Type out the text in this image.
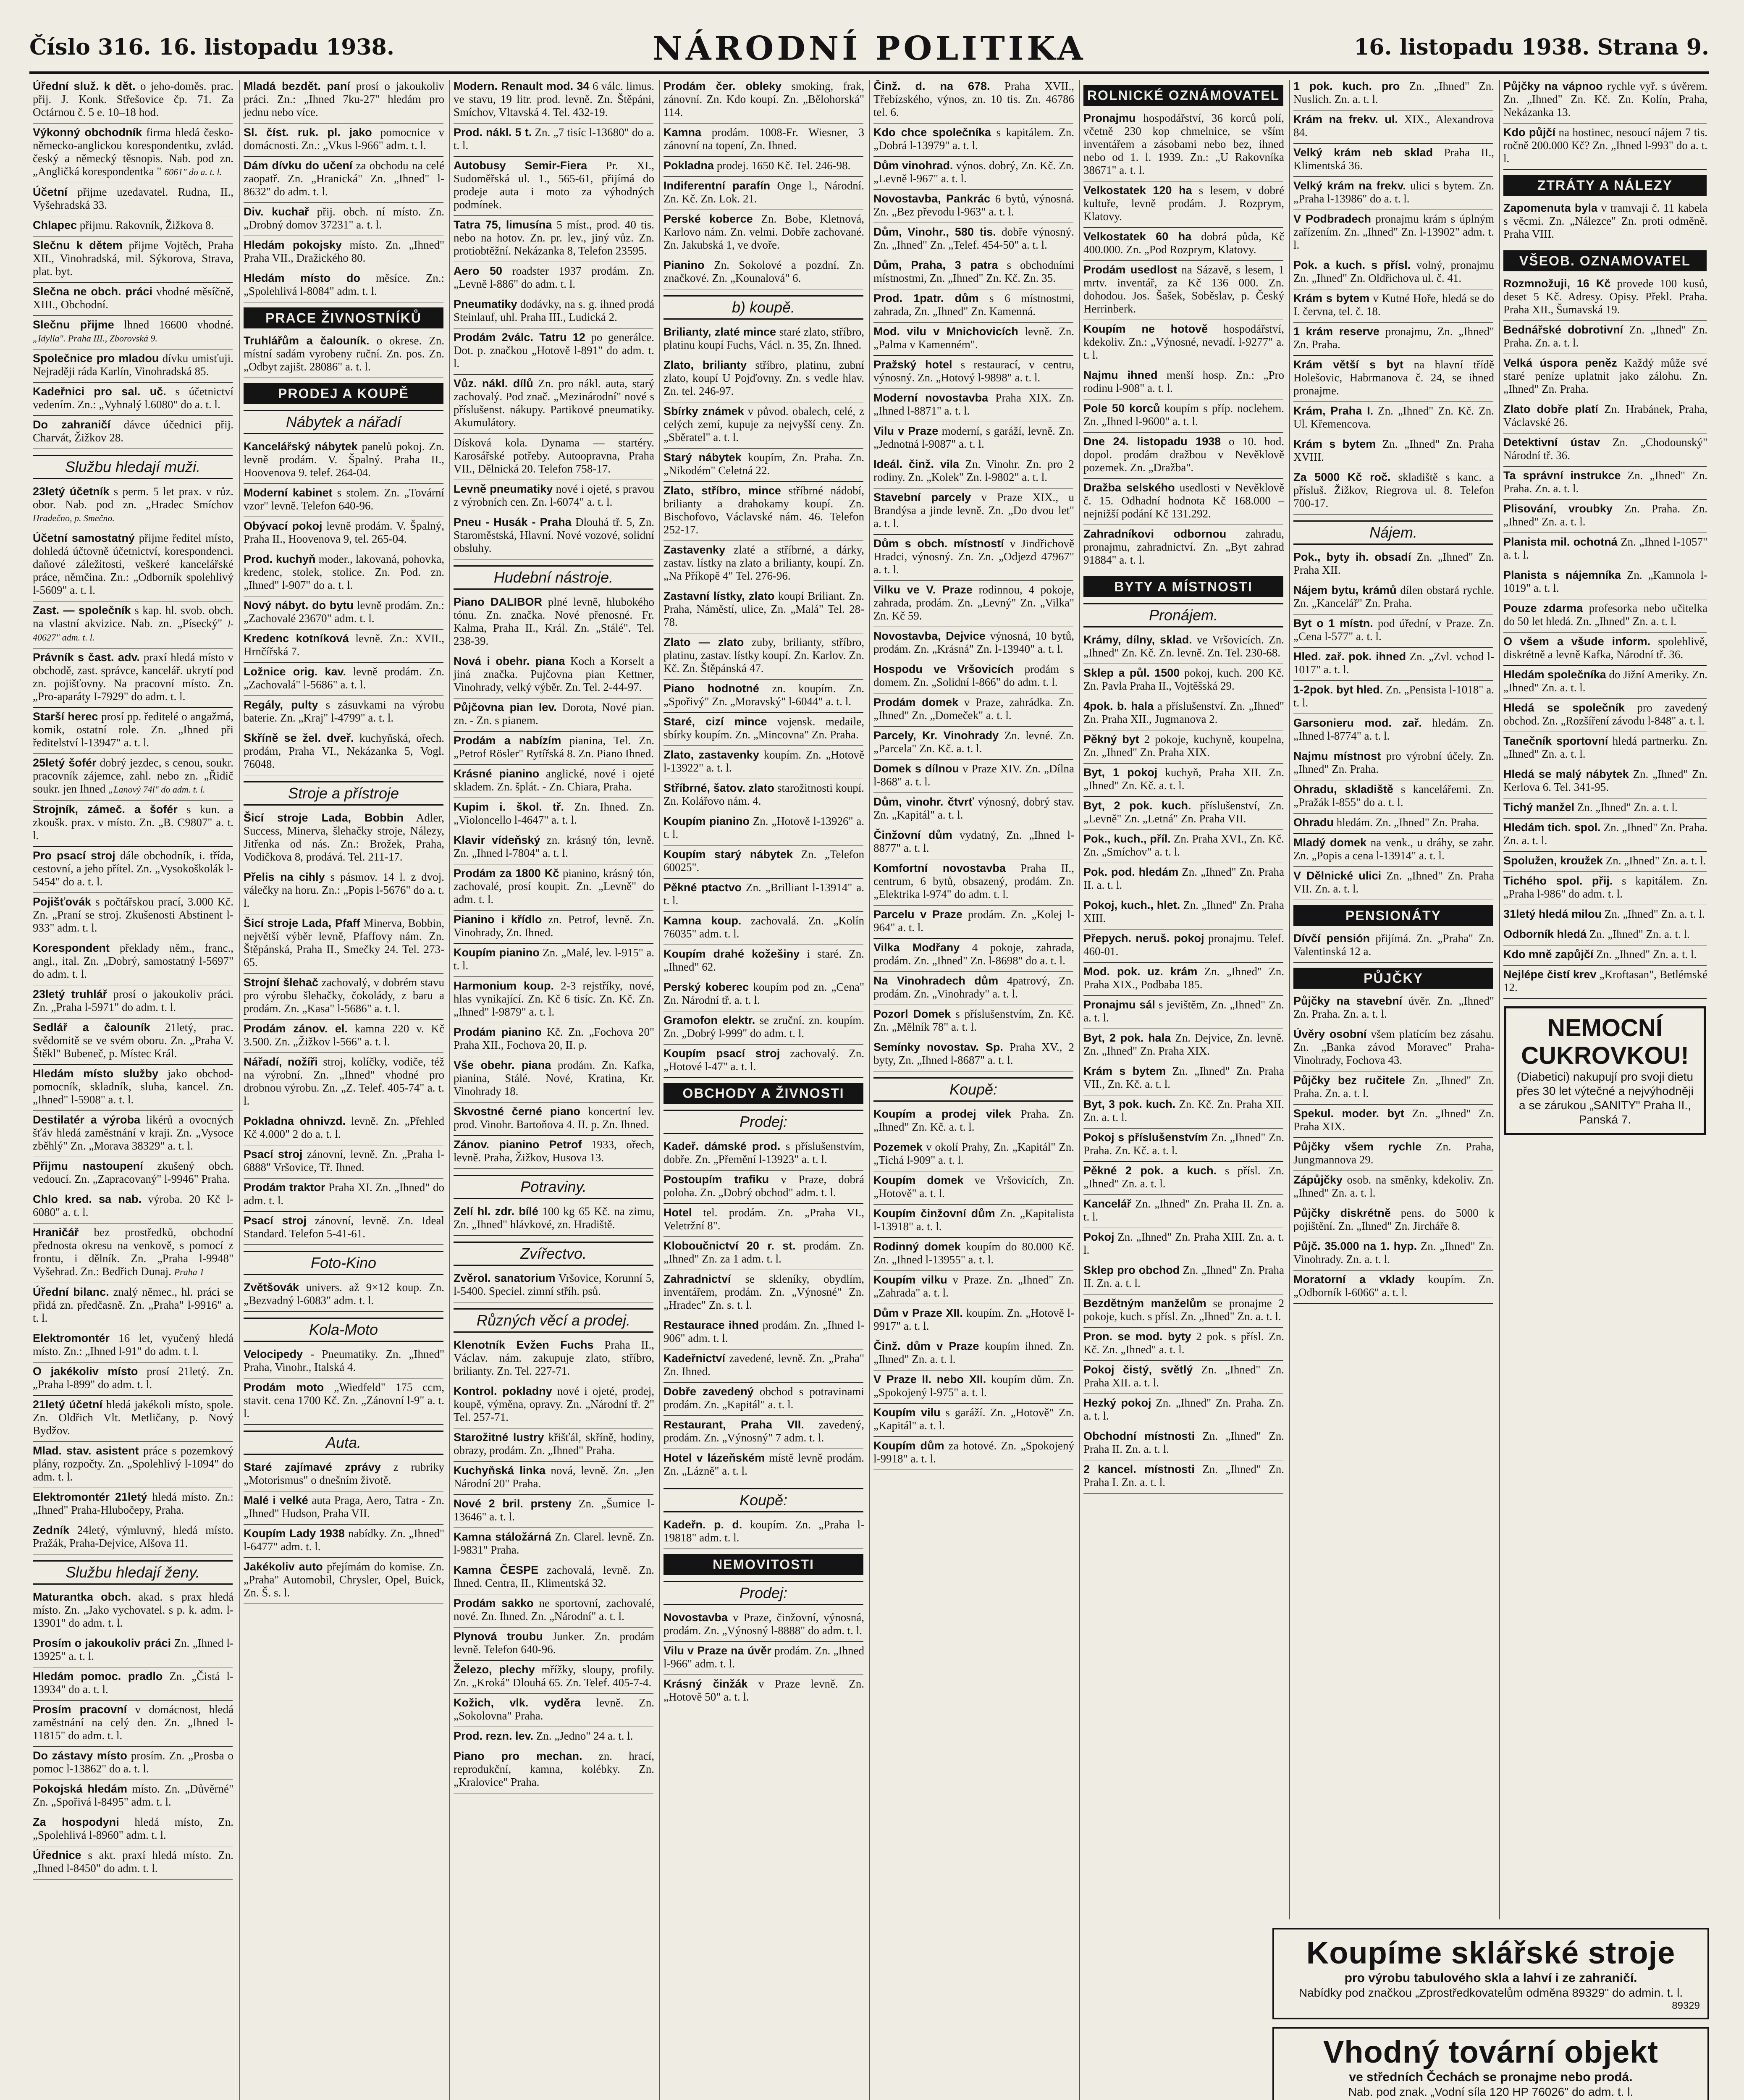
Číslo 316. 16. listopadu 1938.	NÁRODNÍ POLITIKA	16. listopadu 1938. Strana 9.
Úřední služ. k dět. o jeho-doměs. prac. přij. J. Konk. Střešovice čp. 71. Za Octárnou č. 5 e. 10–18 hod.
Výkonný obchodník firma hledá česko-německo-anglickou korespondentku, zvlád. český a německý těsnopis. Nab. pod zn. „Angličká korespondentka " 6061" do a. t. l.
Účetní přijme uzedavatel. Rudna, II., Vyšehradská 33.
Chlapec přijmu. Rakovník, Žižkova 8.
Slečnu k dětem přijme Vojtěch, Praha XII., Vinohradská, mil. Sýkorova, Strava, plat. byt.
Slečna ne obch. práci vhodné měsíčně, XIII., Obchodní.
Slečnu přijme lhned 16600 vhodné. „Idylla". Praha III., Zborovská 9.
Společnice pro mladou dívku umisťuji. Nejraději ráda Karlín, Vinohradská 85.
Kadeřnici pro sal. uč. s účetnictví vedením. Zn.: „Vyhnalý l.6080" do a. t. l.
Do zahraničí dávce účednici přij. Charvát, Žižkov 28.
Službu hledají muži.
23letý účetník s perm. 5 let prax. v růz. obor. Nab. pod zn. „Hradec Smíchov Hradečno, p. Smečno.
Účetní samostatný přijme ředitel místo, dohledá účtovně účetnictví, korespondenci. daňové záležitosti, veškeré kancelářské práce, němčina. Zn.: „Odborník spolehlivý l-5609" a. t. l.
Zast. — společník s kap. hl. svob. obch. na vlastní akvizice. Nab. zn. „Písecký" l-40627" adm. t. l.
Právník s čast. adv. praxí hledá místo v obchodě, zast. správce, kancelář. ukrytí pod zn. pojišťovny. Na pracovní místo. Zn. „Pro-aparáty I-7929" do adm. t. l.
Starší herec prosí pp. ředitelé o angažmá, komik, ostatní role. Zn. „Ihned při ředitelství l-13947" a. t. l.
25letý šofér dobrý jezdec, s cenou, soukr. pracovník zájemce, zahl. nebo zn. „Řidič soukr. jen Ihned „Lanový 74l" do adm. t. l.
Strojník, zámeč. a šofér s kun. a zkoušk. prax. v místo. Zn. „B. C9807" a. t. l.
Pro psací stroj dále obchodník, i. třída, cestovní, a jeho přítel. Zn. „Vysokoškolák l-5454" do a. t. l.
Pojišťovák s počtářskou prací, 3.000 Kč. Zn. „Praní se stroj. Zkušenosti Abstinent l-933" adm. t. l.
Korespondent překlady něm., franc., angl., ital. Zn. „Dobrý, samostatný l-5697" do adm. t. l.
23letý truhlář prosí o jakoukoliv práci. Zn. „Praha l-5971" do adm. t. l.
Sedlář a čalouník 21letý, prac. svědomitě se ve svém oboru. Zn. „Praha V. Štěkl" Bubeneč, p. Místec Král.
Hledám místo služby jako obchod-pomocník, skladník, sluha, kancel. Zn. „Ihned" l-5908" a. t. l.
Destilatér a výroba likérů a ovocných šťáv hledá zaměstnání v kraji. Zn. „Vysoce zběhlý" Zn. „Morava 38329" a. t. l.
Přijmu nastoupení zkušený obch. vedoucí. Zn. „Zapracovaný" l-9946" Praha.
Chlo kred. sa nab. výroba. 20 Kč l-6080" a. t. l.
Hraničář bez prostředků, obchodní přednosta okresu na venkově, s pomocí z frontu, i dělník. Zn. „Praha l-9948" Vyšehrad. Zn.: Bedřich Dunaj. Praha 1
Úřední bilanc. znalý němec., hl. práci se přidá zn. předčasně. Zn. „Praha" l-9916" a. t. l.
Elektromontér 16 let, vyučený hledá místo. Zn.: „Ihned l-91" do adm. t. l.
O jakékoliv místo prosí 21letý. Zn. „Praha l-899" do adm. t. l.
21letý účetní hledá jakékoli místo, spole. Zn. Oldřich Vlt. Metličany, p. Nový Bydžov.
Mlad. stav. asistent práce s pozemkový plány, rozpočty. Zn. „Spolehlivý l-1094" do adm. t. l.
Elektromontér 21letý hledá místo. Zn.: „Ihned" Praha-Hlubočepy, Praha.
Zedník 24letý, výmluvný, hledá místo. Pražák, Praha-Dejvice, Alšova 11.
Službu hledají ženy.
Maturantka obch. akad. s prax hledá místo. Zn. „Jako vychovatel. s p. k. adm. l-13901" do adm. t. l.
Prosím o jakoukoliv práci Zn. „Ihned l-13925" a. t. l.
Hledám pomoc. pradlo Zn. „Čistá l-13934" do a. t. l.
Prosím pracovní v domácnost, hledá zaměstnání na celý den. Zn. „Ihned l-11815" do adm. t. l.
Do zástavy místo prosím. Zn. „Prosba o pomoc l-13862" do a. t. l.
Pokojská hledám místo. Zn. „Důvěrné" Zn. „Spořivá l-8495" adm. t. l.
Za hospodyni hledá místo, Zn. „Spolehlivá l-8960" adm. t. l.
Úřednice s akt. praxí hledá místo. Zn. „Ihned l-8450" do adm. t. l.
Mladá bezdět. paní prosí o jakoukoliv práci. Zn.: „Ihned 7ku-27" hledám pro jednu nebo více.
Sl. číst. ruk. pl. jako pomocnice v domácnosti. Zn.: „Vkus l-966" adm. t. l.
Dám dívku do učení za obchodu na celé zaopatř. Zn. „Hranická" Zn. „Ihned" l-8632" do adm. t. l.
Div. kuchař přij. obch. ní místo. Zn. „Drobný domov 37231" a. t. l.
Hledám pokojsky místo. Zn. „Ihned" Praha VII., Dražického 80.
Hledám místo do měsíce. Zn.: „Spolehlivá l-8084" adm. t. l.
PRACE ŽIVNOSTNÍKŮ
Truhlářům a čalouník. o okrese. Zn. místní sadám vyrobeny ruční. Zn. pos. Zn. „Odbyt zajišt. 28086" a. t. l.
PRODEJ A KOUPĚ
Nábytek a nářadí
Kancelářský nábytek panelů pokoj. Zn. levně prodám. V. Špalný. Praha II., Hoovenova 9. telef. 264-04.
Moderní kabinet s stolem. Zn. „Tovární vzor" levně. Telefon 640-96.
Obývací pokoj levně prodám. V. Špalný, Praha II., Hoovenova 9, tel. 265-04.
Prod. kuchyň moder., lakovaná, pohovka, kredenc, stolek, stolice. Zn. Pod. zn. „Ihned" l-907" do a. t. l.
Nový nábyt. do bytu levně prodám. Zn.: „Zachovalé 23670" adm. t. l.
Kredenc kotníková levně. Zn.: XVII., Hrnčířská 7.
Ložnice orig. kav. levně prodám. Zn. „Zachovalá" l-5686" a. t. l.
Regály, pulty s zásuvkami na výrobu baterie. Zn. „Kraj" l-4799" a. t. l.
Skříně se žel. dveř. kuchyňská, ořech. prodám, Praha VI., Nekázanka 5, Vogl. 76048.
Stroje a přístroje
Šicí stroje Lada, Bobbin Adler, Success, Minerva, šlehačky stroje, Nálezy, Jitřenka od nás. Zn.: Brožek, Praha, Vodičkova 8, prodává. Tel. 211-17.
Přelis na cihly s pásmov. 14 l. z dvoj. válečky na horu. Zn.: „Popis l-5676" do a. t. l.
Šicí stroje Lada, Pfaff Minerva, Bobbin, největší výběr levně, Pfaffovy nám. Zn. Štěpánská, Praha II., Smečky 24. Tel. 273-65.
Strojní šlehač zachovalý, v dobrém stavu pro výrobu šlehačky, čokolády, z baru a prodám. Zn. „Kasa" l-5686" a. t. l.
Prodám zánov. el. kamna 220 v. Kč 3.500. Zn. „Žižkov l-566" a. t. l.
Nářadí, nožíři stroj, kolíčky, vodiče, též na výrobní. Zn. „Ihned" vhodné pro drobnou výrobu. Zn. „Z. Telef. 405-74" a. t. l.
Pokladna ohnivzd. levně. Zn. „Přehled Kč 4.000" 2 do a. t. l.
Psací stroj zánovní, levně. Zn. „Praha l-6888" Vršovice, Tř. Ihned.
Prodám traktor Praha XI. Zn. „Ihned" do adm. t. l.
Psací stroj zánovní, levně. Zn. Ideal Standard. Telefon 5-41-61.
Foto-Kino
Zvětšovák univers. až 9×12 koup. Zn. „Bezvadný l-6083" adm. t. l.
Kola-Moto
Velocipedy - Pneumatiky. Zn. „Ihned" Praha, Vinohr., Italská 4.
Prodám moto „Wiedfeld" 175 ccm, stavit. cena 1700 Kč. Zn. „Zánovní l-9" a. t. l.
Auta.
Staré zajímavé zprávy z rubriky „Motorismus" o dnešním životě.
Malé i velké auta Praga, Aero, Tatra - Zn. „Ihned" Hudson, Praha VII.
Koupím Lady 1938 nabídky. Zn. „Ihned" l-6477" adm. t. l.
Jakékoliv auto přejímám do komise. Zn. „Praha" Automobil, Chrysler, Opel, Buick, Zn. Š. s. l.
Modern. Renault mod. 34 6 válc. limus. ve stavu, 19 litr. prod. levně. Zn. Štěpáni, Smíchov, Vltavská 4. Tel. 432-19.
Prod. nákl. 5 t. Zn. „7 tisíc l-13680" do a. t. l.
Autobusy Semir-Fiera Pr. XI., Sudoměřská ul. 1., 565-61, přijímá do prodeje auta i moto za výhodných podmínek.
Tatra 75, limusína 5 míst., prod. 40 tis. nebo na hotov. Zn. pr. lev., jiný vůz. Zn. protiobtěžní. Nekázanka 8, Telefon 23595.
Aero 50 roadster 1937 prodám. Zn. „Levně l-886" do adm. t. l.
Pneumatiky dodávky, na s. g. ihned prodá Steinlauf, uhl. Praha III., Ludická 2.
Prodám 2válc. Tatru 12 po generálce. Dot. p. značkou „Hotově l-891" do adm. t. l.
Vůz. nákl. dílů Zn. pro nákl. auta, starý zachovalý. Pod znač. „Mezinárodní" nové s příslušenst. nákupy. Partikové pneumatiky. Akumulátory.
Dísková kola. Dynama — startéry. Karosářské potřeby. Autoopravna, Praha VII., Dělnická 20. Telefon 758-17.
Levně pneumatiky nové i ojeté, s pravou z výrobních cen. Zn. l-6074" a. t. l.
Pneu - Husák - Praha Dlouhá tř. 5, Zn. Staroměstská, Hlavní. Nové vozové, solidní obsluhy.
Hudební nástroje.
Piano DALIBOR plné levně, hlubokého tónu. Zn. značka. Nové přenosné. Fr. Kalma, Praha II., Král. Zn. „Stálé". Tel. 238-39.
Nová i obehr. piana Koch a Korselt a jiná značka. Pujčovna pian Kettner, Vinohrady, velký výběr. Zn. Tel. 2-44-97.
Půjčovna pian lev. Dorota, Nové pian. zn. - Zn. s pianem.
Prodám a nabízím pianina, Tel. Zn. „Petrof Rösler" Rytířská 8. Zn. Piano Ihned.
Krásné pianino anglické, nové i ojeté skladem. Zn. šplát. - Zn. Chiara, Praha.
Kupim i. škol. tř. Zn. Ihned. Zn. „Violoncello l-4647" a. t. l.
Klavir vídeňský zn. krásný tón, levně. Zn. „Ihned l-7804" a. t. l.
Prodám za 1800 Kč pianino, krásný tón, zachovalé, prosí koupit. Zn. „Levně" do adm. t. l.
Pianino i křídlo zn. Petrof, levně. Zn. Vinohrady, Zn. Ihned.
Koupím pianino Zn. „Malé, lev. l-915" a. t. l.
Harmonium koup. 2-3 rejstříky, nové, hlas vynikající. Zn. Kč 6 tisíc. Zn. Kč. Zn. „Ihned" l-9879" a. t. l.
Prodám pianino Kč. Zn. „Fochova 20" Praha XII., Fochova 20, II. p.
Vše obehr. piana prodám. Zn. Kafka, pianina, Stálé. Nové, Kratina, Kr. Vinohrady 18.
Skvostné černé piano koncertní lev. prod. Vinohr. Bartoňova 4. II. p. Zn. Ihned.
Zánov. pianino Petrof 1933, ořech, levně. Praha, Žižkov, Husova 13.
Potraviny.
Zelí hl. zdr. bílé 100 kg 65 Kč. na zimu, Zn. „Ihned" hlávkové, zn. Hradiště.
Zvířectvo.
Zvěrol. sanatorium Vršovice, Korunní 5, l-5400. Speciel. zimní stříh. psů.
Různých věcí a prodej.
Klenotník Evžen Fuchs Praha II., Václav. nám. zakupuje zlato, stříbro, brilianty. Zn. Tel. 227-71.
Kontrol. pokladny nové i ojeté, prodej, koupě, výměna, opravy. Zn. „Národní tř. 2" Tel. 257-71.
Starožitné lustry křišťál, skříně, hodiny, obrazy, prodám. Zn. „Ihned" Praha.
Kuchyňská linka nová, levně. Zn. „Jen Národní 20" Praha.
Nové 2 bril. prsteny Zn. „Šumice l-13646" a. t. l.
Kamna stáložárná Zn. Clarel. levně. Zn. l-9831" Praha.
Kamna ČESPE zachovalá, levně. Zn. Ihned. Centra, II., Klimentská 32.
Prodám sakko ne sportovní, zachovalé, nové. Zn. Ihned. Zn. „Národní" a. t. l.
Plynová troubu Junker. Zn. prodám levně. Telefon 640-96.
Železo, plechy mřížky, sloupy, profily. Zn. „Kroká" Dlouhá 65. Zn. Telef. 405-7-4.
Kožich, vlk. vyděra levně. Zn. „Sokolovna" Praha.
Prod. rezn. lev. Zn. „Jedno" 24 a. t. l.
Piano pro mechan. zn. hrací, reprodukční, kamna, kolébky. Zn. „Kralovice" Praha.
Prodám čer. obleky smoking, frak, zánovní. Zn. Kdo koupí. Zn. „Bělohorská" 114.
Kamna prodám. 1008-Fr. Wiesner, 3 zánovní na topení, Zn. Ihned.
Pokladna prodej. 1650 Kč. Tel. 246-98.
Indiferentní parafín Onge l., Národní. Zn. Kč. Zn. Lok. 21.
Perské koberce Zn. Bobe, Kletnová, Karlovo nám. Zn. velmi. Dobře zachované. Zn. Jakubská 1, ve dvoře.
Pianino Zn. Sokolové a pozdní. Zn. značkové. Zn. „Kounalová" 6.
b) koupě.
Brilianty, zlaté mince staré zlato, stříbro, platinu koupí Fuchs, Václ. n. 35, Zn. Ihned.
Zlato, brilianty stříbro, platinu, zubní zlato, koupí U Pojďovny. Zn. s vedle hlav. Zn. tel. 246-97.
Sbírky známek v původ. obalech, celé, z celých zemí, kupuje za nejvyšší ceny. Zn. „Sběratel" a. t. l.
Starý nábytek koupím, Zn. Praha. Zn. „Nikodém" Celetná 22.
Zlato, stříbro, mince stříbrné nádobí, brilianty a drahokamy koupí. Zn. Bischofovo, Václavské nám. 46. Telefon 252-17.
Zastavenky zlaté a stříbrné, a dárky, zastav. lístky na zlato a brilianty, koupí. Zn. „Na Příkopě 4" Tel. 276-96.
Zastavní lístky, zlato koupí Briliant. Zn. Praha, Náměstí, ulice, Zn. „Malá" Tel. 28-78.
Zlato — zlato zuby, brilianty, stříbro, platinu, zastav. lístky koupí. Zn. Karlov. Zn. Kč. Zn. Štěpánská 47.
Piano hodnotné zn. koupím. Zn. „Spořivý" Zn. „Moravský" l-6044" a. t. l.
Staré, cizí mince vojensk. medaile, sbírky koupím. Zn. „Mincovna" Zn. Praha.
Zlato, zastavenky koupím. Zn. „Hotově l-13922" a. t. l.
Stříbrné, šatov. zlato starožitnosti koupí. Zn. Kolářovo nám. 4.
Koupím pianino Zn. „Hotově l-13926" a. t. l.
Koupím starý nábytek Zn. „Telefon 60025".
Pěkné ptactvo Zn. „Brilliant l-13914" a. t. l.
Kamna koup. zachovalá. Zn. „Kolín 76035" adm. t. l.
Koupím drahé kožešiny i staré. Zn. „Ihned" 62.
Perský koberec koupím pod zn. „Cena" Zn. Národní tř. a. t. l.
Gramofon elektr. se zruční. zn. koupím. Zn. „Dobrý l-999" do adm. t. l.
Koupím psací stroj zachovalý. Zn. „Hotové l-47" a. t. l.
OBCHODY A ŽIVNOSTI
Prodej:
Kadeř. dámské prod. s příslušenstvím, dobře. Zn. „Přemění l-13923" a. t. l.
Postoupím trafiku v Praze, dobrá poloha. Zn. „Dobrý obchod" adm. t. l.
Hotel tel. prodám. Zn. „Praha VI., Veletržní 8".
Kloboučnictví 20 r. st. prodám. Zn. „Ihned" Zn. za 1 adm. t. l.
Zahradnictví se skleníky, obydlím, inventářem, prodám. Zn. „Výnosné" Zn. „Hradec" Zn. s. t. l.
Restaurace ihned prodám. Zn. „Ihned l-906" adm. t. l.
Kadeřnictví zavedené, levně. Zn. „Praha" Zn. Ihned.
Dobře zavedený obchod s potravinami prodám. Zn. „Kapitál" a. t. l.
Restaurant, Praha VII. zavedený, prodám. Zn. „Výnosný" 7 adm. t. l.
Hotel v lázeňském místě levně prodám. Zn. „Lázně" a. t. l.
Koupě:
Kadeřn. p. d. koupím. Zn. „Praha l-19818" adm. t. l.
NEMOVITOSTI
Prodej:
Novostavba v Praze, činžovní, výnosná, prodám. Zn. „Výnosný l-8888" do adm. t. l.
Vilu v Praze na úvěr prodám. Zn. „Ihned l-966" adm. t. l.
Krásný činžák v Praze levně. Zn. „Hotově 50" a. t. l.
Činž. d. na 678. Praha XVII., Třebízského, výnos, zn. 10 tis. Zn. 46786 tel. 6.
Kdo chce společníka s kapitálem. Zn. „Dobrá l-13979" a. t. l.
Dům vinohrad. výnos. dobrý, Zn. Kč. Zn. „Levně l-967" a. t. l.
Novostavba, Pankrác 6 bytů, výnosná. Zn. „Bez převodu l-963" a. t. l.
Dům, Vinohr., 580 tis. dobře výnosný. Zn. „Ihned" Zn. „Telef. 454-50" a. t. l.
Dům, Praha, 3 patra s obchodními místnostmi, Zn. „Ihned" Zn. Kč. Zn. 35.
Prod. 1patr. dům s 6 místnostmi, zahrada, Zn. „Ihned" Zn. Kamenná.
Mod. vilu v Mnichovicích levně. Zn. „Palma v Kamenném".
Pražský hotel s restaurací, v centru, výnosný. Zn. „Hotový l-9898" a. t. l.
Moderní novostavba Praha XIX. Zn. „Ihned l-8871" a. t. l.
Vilu v Praze moderní, s garáží, levně. Zn. „Jednotná l-9087" a. t. l.
Ideál. činž. vila Zn. Vinohr. Zn. pro 2 rodiny. Zn. „Kolek" Zn. l-9802" a. t. l.
Stavební parcely v Praze XIX., u Brandýsa a jinde levně. Zn. „Do dvou let" a. t. l.
Dům s obch. místností v Jindřichově Hradci, výnosný. Zn. Zn. „Odjezd 47967" a. t. l.
Vilku ve V. Praze rodinnou, 4 pokoje, zahrada, prodám. Zn. „Levný" Zn. „Vilka" Zn. Kč 59.
Novostavba, Dejvice výnosná, 10 bytů, prodám. Zn. „Krásná" Zn. l-13940" a. t. l.
Hospodu ve Vršovicích prodám s domem. Zn. „Solidní l-866" do adm. t. l.
Prodám domek v Praze, zahrádka. Zn. „Ihned" Zn. „Domeček" a. t. l.
Parcely, Kr. Vinohrady Zn. levné. Zn. „Parcela" Zn. Kč. a. t. l.
Domek s dílnou v Praze XIV. Zn. „Dílna l-868" a. t. l.
Dům, vinohr. čtvrť výnosný, dobrý stav. Zn. „Kapitál" a. t. l.
Činžovní dům vydatný, Zn. „Ihned l-8877" a. t. l.
Komfortní novostavba Praha II., centrum, 6 bytů, obsazený, prodám. Zn. „Elektrika l-974" do adm. t. l.
Parcelu v Praze prodám. Zn. „Kolej l-964" a. t. l.
Vilka Modřany 4 pokoje, zahrada, prodám. Zn. „Ihned" Zn. l-8698" do a. t. l.
Na Vinohradech dům 4patrový, Zn. prodám. Zn. „Vinohrady" a. t. l.
Pozorl Domek s příslušenstvím, Zn. Kč. Zn. „Mělník 78" a. t. l.
Semínky novostav. Sp. Praha XV., 2 byty, Zn. „Ihned l-8687" a. t. l.
Koupě:
Koupím a prodej vilek Praha. Zn. „Ihned" Zn. Kč. a. t. l.
Pozemek v okolí Prahy, Zn. „Kapitál" Zn. „Tichá l-909" a. t. l.
Koupím domek ve Vršovicích, Zn. „Hotově" a. t. l.
Koupím činžovní dům Zn. „Kapitalista l-13918" a. t. l.
Rodinný domek koupím do 80.000 Kč. Zn. „Ihned l-13955" a. t. l.
Koupím vilku v Praze. Zn. „Ihned" Zn. „Zahrada" a. t. l.
Dům v Praze XII. koupím. Zn. „Hotově l-9917" a. t. l.
Činž. dům v Praze koupím ihned. Zn. „Ihned" Zn. a. t. l.
V Praze II. nebo XII. koupím dům. Zn. „Spokojený l-975" a. t. l.
Koupím vilu s garáží. Zn. „Hotově" Zn. „Kapitál" a. t. l.
Koupím dům za hotové. Zn. „Spokojený l-9918" a. t. l.
ROLNICKÉ OZNÁMOVATEL
Pronajmu hospodářství, 36 korců polí, včetně 230 kop chmelnice, se vším inventářem a zásobami nebo bez, ihned nebo od 1. l. 1939. Zn.: „U Rakovníka 38671" a. t. l.
Velkostatek 120 ha s lesem, v dobré kultuře, levně prodám. J. Rozprym, Klatovy.
Velkostatek 60 ha dobrá půda, Kč 400.000. Zn. „Pod Rozprym, Klatovy.
Prodám usedlost na Sázavě, s lesem, 1 mrtv. inventář, za Kč 136 000. Zn. dohodou. Jos. Šašek, Soběslav, p. Český Herrinberk.
Koupím ne hotově hospodářství, kdekoliv. Zn.: „Výnosné, nevadí. l-9277" a. t. l.
Najmu ihned menší hosp. Zn.: „Pro rodinu l-908" a. t. l.
Pole 50 korců koupím s příp. noclehem. Zn. „Ihned l-9600" a. t. l.
Dne 24. listopadu 1938 o 10. hod. dopol. prodám dražbou v Nevěklově pozemek. Zn. „Dražba".
Dražba selského usedlosti v Nevěklově č. 15. Odhadní hodnota Kč 168.000 – nejnižší podání Kč 131.292.
Zahradníkovi odbornou zahradu, pronajmu, zahradnictví. Zn. „Byt zahrad 91884" a. t. l.
BYTY A MÍSTNOSTI
Pronájem.
Krámy, dílny, sklad. ve Vršovicích. Zn. „Ihned" Zn. Kč. Zn. levně. Zn. Tel. 230-68.
Sklep a půl. 1500 pokoj, kuch. 200 Kč. Zn. Pavla Praha II., Vojtěšská 29.
4pok. b. hala a příslušenství. Zn. „Ihned" Zn. Praha XII., Jugmanova 2.
Pěkný byt 2 pokoje, kuchyně, koupelna, Zn. „Ihned" Zn. Praha XIX.
Byt, 1 pokoj kuchyň, Praha XII. Zn. „Ihned" Zn. Kč. a. t. l.
Byt, 2 pok. kuch. příslušenství, Zn. „Levně" Zn. „Letná" Zn. Praha VII.
Pok., kuch., příl. Zn. Praha XVI., Zn. Kč. Zn. „Smíchov" a. t. l.
Pok. pod. hledám Zn. „Ihned" Zn. Praha II. a. t. l.
Pokoj, kuch., hlet. Zn. „Ihned" Zn. Praha XIII.
Přepych. neruš. pokoj pronajmu. Telef. 460-01.
Mod. pok. uz. krám Zn. „Ihned" Zn. Praha XIX., Podbaba 185.
Pronajmu sál s jevištěm, Zn. „Ihned" Zn. a. t. l.
Byt, 2 pok. hala Zn. Dejvice, Zn. levně. Zn. „Ihned" Zn. Praha XIX.
Krám s bytem Zn. „Ihned" Zn. Praha VII., Zn. Kč. a. t. l.
Byt, 3 pok. kuch. Zn. Kč. Zn. Praha XII. Zn. a. t. l.
Pokoj s příslušenstvím Zn. „Ihned" Zn. Praha. Zn. Kč. a. t. l.
Pěkné 2 pok. a kuch. s přísl. Zn. „Ihned" Zn. a. t. l.
Kancelář Zn. „Ihned" Zn. Praha II. Zn. a. t. l.
Pokoj Zn. „Ihned" Zn. Praha XIII. Zn. a. t. l.
Sklep pro obchod Zn. „Ihned" Zn. Praha II. Zn. a. t. l.
Bezdětným manželům se pronajme 2 pokoje, kuch. s přísl. Zn. „Ihned" Zn. a. t. l.
Pron. se mod. byty 2 pok. s přísl. Zn. Kč. Zn. „Ihned" a. t. l.
Pokoj čistý, světlý Zn. „Ihned" Zn. Praha XII. a. t. l.
Hezký pokoj Zn. „Ihned" Zn. Praha. Zn. a. t. l.
Obchodní místnosti Zn. „Ihned" Zn. Praha II. Zn. a. t. l.
2 kancel. místnosti Zn. „Ihned" Zn. Praha I. Zn. a. t. l.
1 pok. kuch. pro Zn. „Ihned" Zn. Nuslich. Zn. a. t. l.
Krám na frekv. ul. XIX., Alexandrova 84.
Velký krám neb sklad Praha II., Klimentská 36.
Velký krám na frekv. ulici s bytem. Zn. „Praha l-13986" do a. t. l.
V Podbradech pronajmu krám s úplným zařízením. Zn. „Ihned" Zn. l-13902" adm. t. l.
Pok. a kuch. s přísl. volný, pronajmu Zn. „Ihned" Zn. Oldřichova ul. č. 41.
Krám s bytem v Kutné Hoře, hledá se do I. června, tel. č. 18.
1 krám reserve pronajmu, Zn. „Ihned" Zn. Praha.
Krám větší s byt na hlavní třídě Holešovic, Habrmanova č. 24, se ihned pronajme.
Krám, Praha I. Zn. „Ihned" Zn. Kč. Zn. Ul. Křemencova.
Krám s bytem Zn. „Ihned" Zn. Praha XVIII.
Za 5000 Kč roč. skladiště s kanc. a přísluš. Žižkov, Riegrova ul. 8. Telefon 700-17.
Nájem.
Pok., byty ih. obsadí Zn. „Ihned" Zn. Praha XII.
Nájem bytu, krámů dílen obstará rychle. Zn. „Kancelář" Zn. Praha.
Byt o 1 místn. pod úřední, v Praze. Zn. „Cena l-577" a. t. l.
Hled. zař. pok. ihned Zn. „Zvl. vchod l-1017" a. t. l.
1-2pok. byt hled. Zn. „Pensista l-1018" a. t. l.
Garsonieru mod. zař. hledám. Zn. „Ihned l-8774" a. t. l.
Najmu místnost pro výrobní účely. Zn. „Ihned" Zn. Praha.
Ohradu, skladiště s kancelářemi. Zn. „Pražák l-855" do a. t. l.
Ohradu hledám. Zn. „Ihned" Zn. Praha.
Mladý domek na venk., u dráhy, se zahr. Zn. „Popis a cena l-13914" a. t. l.
V Dělnické ulici Zn. „Ihned" Zn. Praha VII. Zn. a. t. l.
PENSIONÁTY
Dívčí pensión přijímá. Zn. „Praha" Zn. Valentinská 12 a.
PŮJČKY
Půjčky na stavební úvěr. Zn. „Ihned" Zn. Praha. Zn. a. t. l.
Úvěry osobní všem platícím bez zásahu. Zn. „Banka závod Moravec" Praha-Vinohrady, Fochova 43.
Půjčky bez ručitele Zn. „Ihned" Zn. Praha. Zn. a. t. l.
Spekul. moder. byt Zn. „Ihned" Zn. Praha XIX.
Půjčky všem rychle Zn. Praha, Jungmannova 29.
Zápůjčky osob. na směnky, kdekoliv. Zn. „Ihned" Zn. a. t. l.
Půjčky diskrétně pens. do 5000 k pojištění. Zn. „Ihned" Zn. Jircháře 8.
Půjč. 35.000 na 1. hyp. Zn. „Ihned" Zn. Vinohrady. Zn. a. t. l.
Moratorní a vklady koupím. Zn. „Odborník l-6066" a. t. l.
Půjčky na vápnoo rychle vyř. s úvěrem. Zn. „Ihned" Zn. Kč. Zn. Kolín, Praha, Nekázanka 13.
Kdo půjčí na hostinec, nesoucí nájem 7 tis. ročně 200.000 Kč? Zn. „Ihned l-993" do a. t. l.
ZTRÁTY A NÁLEZY
Zapomenuta byla v tramvaji č. 11 kabela s věcmi. Zn. „Nálezce" Zn. proti odměně. Praha VIII.
VŠEOB. OZNAMOVATEL
Rozmnožuji, 16 Kč provede 100 kusů, deset 5 Kč. Adresy. Opisy. Překl. Praha. Praha XII., Šumavská 19.
Bednářské dobrotivní Zn. „Ihned" Zn. Praha. Zn. a. t. l.
Velká úspora peněz Každý může své staré peníze uplatnit jako zálohu. Zn. „Ihned" Zn. Praha.
Zlato dobře platí Zn. Hrabánek, Praha, Václavské 26.
Detektivní ústav Zn. „Chodounský" Národní tř. 36.
Ta správní instrukce Zn. „Ihned" Zn. Praha. Zn. a. t. l.
Plisování, vroubky Zn. Praha. Zn. „Ihned" Zn. a. t. l.
Planista mil. ochotná Zn. „Ihned l-1057" a. t. l.
Planista s nájemníka Zn. „Kamnola l-1019" a. t. l.
Pouze zdarma profesorka nebo učitelka do 50 let hledá. Zn. „Ihned" Zn. a. t. l.
O všem a všude inform. spolehlivě, diskrétně a levně Kafka, Národní tř. 36.
Hledám společníka do Jižní Ameriky. Zn. „Ihned" Zn. a. t. l.
Hledá se společník pro zavedený obchod. Zn. „Rozšíření závodu l-848" a. t. l.
Tanečník sportovní hledá partnerku. Zn. „Ihned" Zn. a. t. l.
Hledá se malý nábytek Zn. „Ihned" Zn. Kerlova 6. Tel. 341-95.
Tichý manžel Zn. „Ihned" Zn. a. t. l.
Hledám tich. spol. Zn. „Ihned" Zn. Praha. Zn. a. t. l.
Spolužen, kroužek Zn. „Ihned" Zn. a. t. l.
Tichého spol. přij. s kapitálem. Zn. „Praha l-986" do adm. t. l.
31letý hledá milou Zn. „Ihned" Zn. a. t. l.
Odborník hledá Zn. „Ihned" Zn. a. t. l.
Kdo mně zapůjčí Zn. „Ihned" Zn. a. t. l.
Nejlépe čistí krev „Kroftasan", Betlémské 12.
NEMOCNÍ CUKROVKOU!
(Diabetici) nakupují pro svoji dietu přes 30 let výtečné a nejvýhodněji a se zárukou „SANITY" Praha II., Panská 7.
Koupíme sklářské stroje
pro výrobu tabulového skla a lahví i ze zahraničí.
Nabídky pod značkou „Zprostředkovatelům odměna 89329" do admin. t. l.
89329
Vhodný tovární objekt
ve středních Čechách se pronajme nebo prodá.
Nab. pod znak. „Vodní síla 120 HP 76026" do adm. t. l.
